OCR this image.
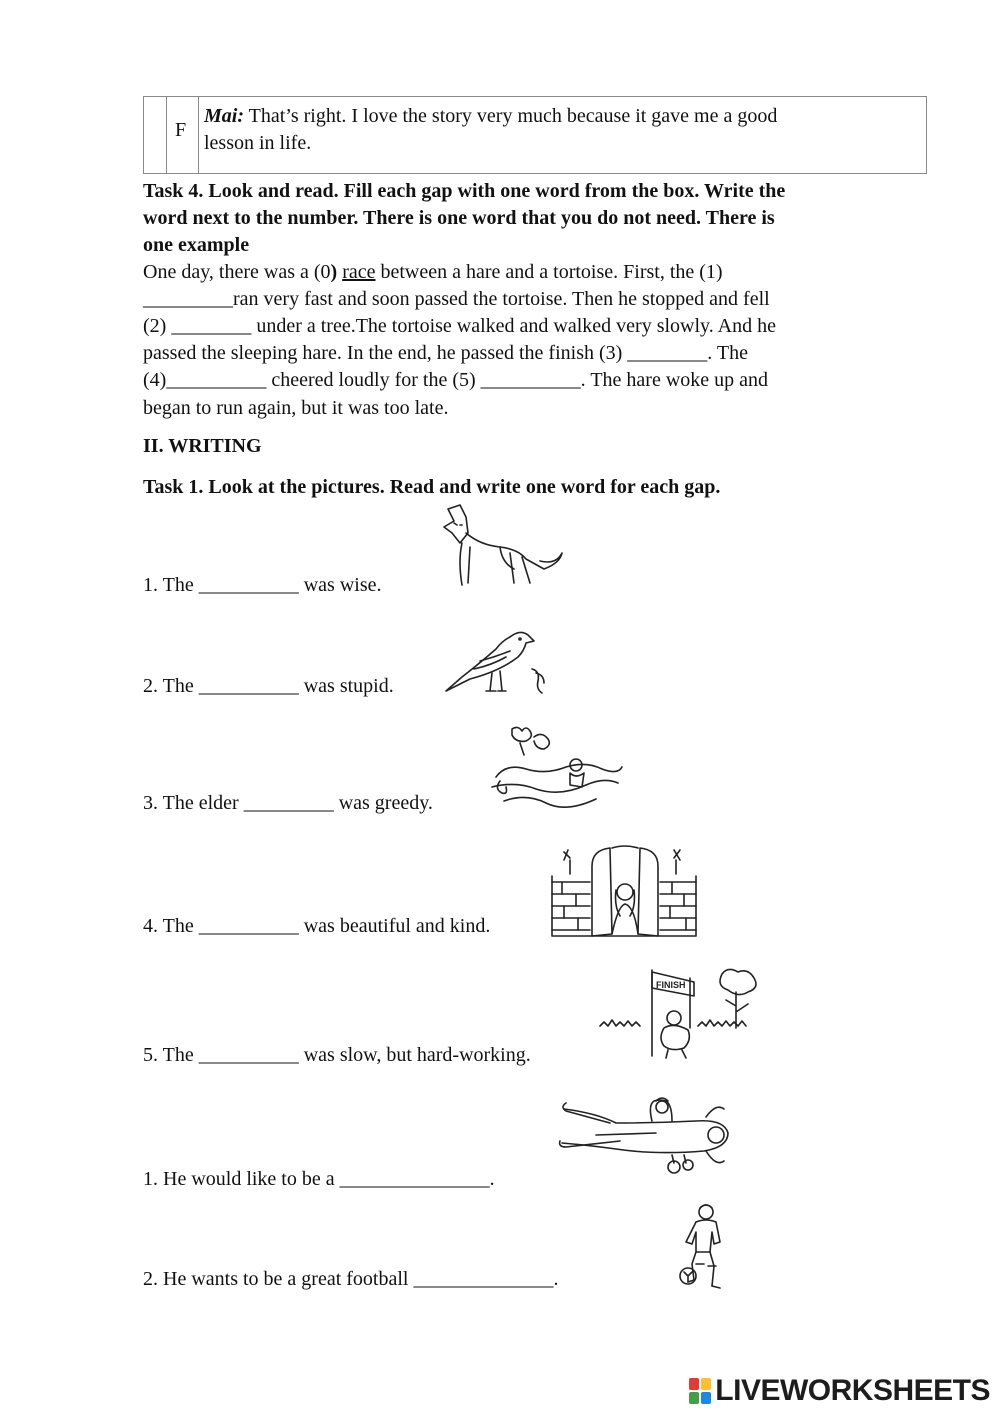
F
Mai: That’s right. I love the story very much because it gave me a good
lesson in life.
Task 4. Look and read. Fill each gap with one word from the box. Write the
word next to the number. There is one word that you do not need. There is
one example
One day, there was a (0) race between a hare and a tortoise. First, the (1)
_________ran very fast and soon passed the tortoise. Then he stopped and fell
(2) ________ under a tree.The tortoise walked and walked very slowly. And he
passed the sleeping hare. In the end, he passed the finish (3) ________. The
(4)__________ cheered loudly for the (5) __________. The hare woke up and
began to run again, but it was too late.
II. WRITING
Task 1. Look at the pictures. Read and write one word for each gap.
1. The __________ was wise.
2. The __________ was stupid.
3. The elder _________ was greedy.
4. The __________ was beautiful and kind.
5. The __________ was slow, but hard-working.
FINISH
1. He would like to be a _______________.
2. He wants to be a great football ______________.
LIVEWORKSHEETS
